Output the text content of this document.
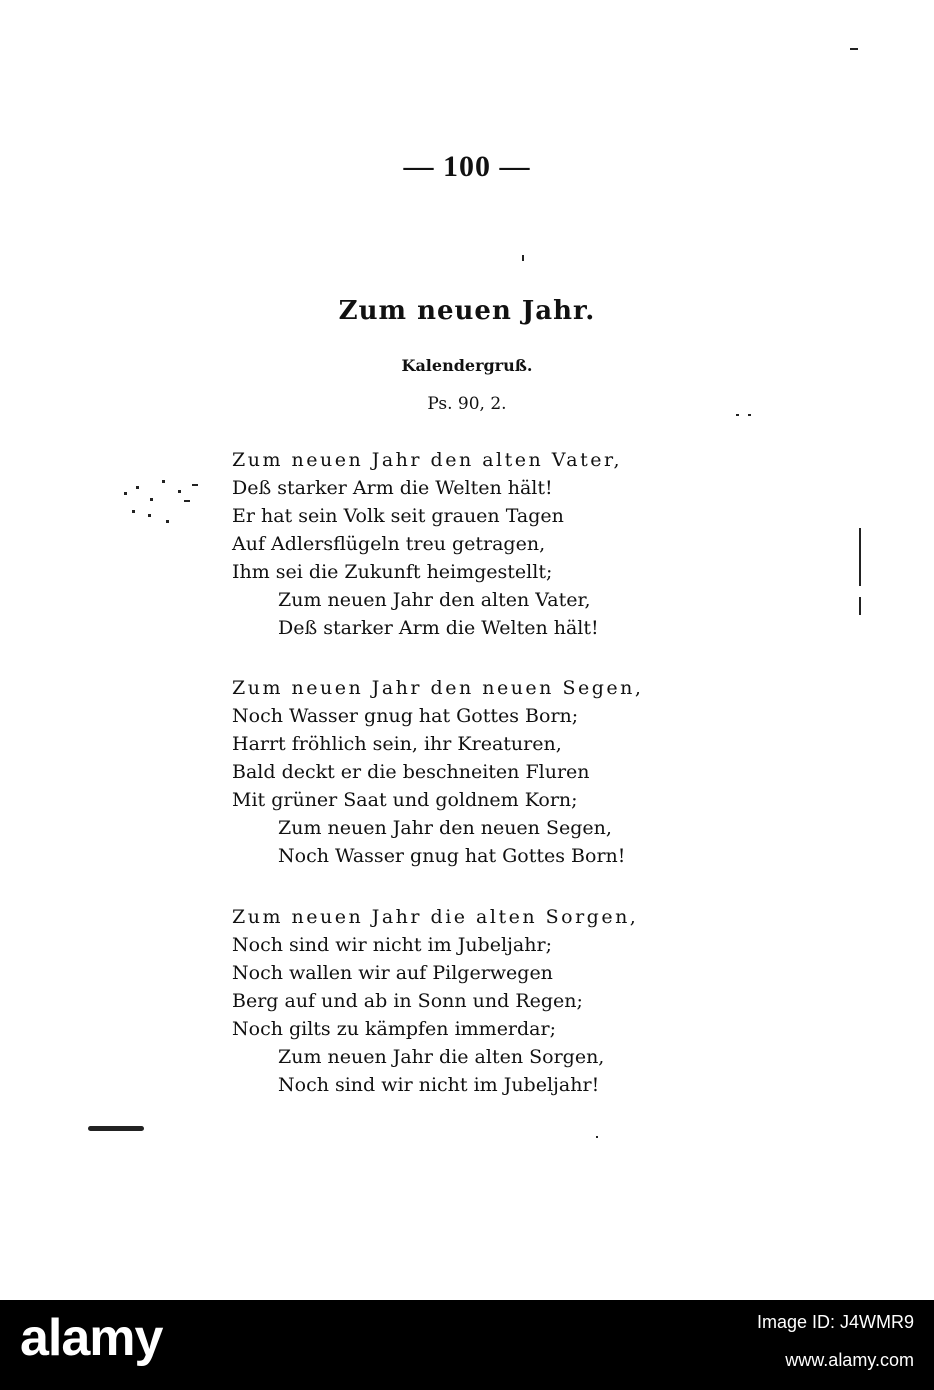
— 100 —
Zum neuen Jahr.
Kalendergruß.
Ps. 90, 2.
Zum neuen Jahr den alten Vater,
Deß starker Arm die Welten hält!
Er hat sein Volk seit grauen Tagen
Auf Adlersflügeln treu getragen,
Ihm sei die Zukunft heimgestellt;
Zum neuen Jahr den alten Vater,
Deß starker Arm die Welten hält!
Zum neuen Jahr den neuen Segen,
Noch Wasser gnug hat Gottes Born;
Harrt fröhlich sein, ihr Kreaturen,
Bald deckt er die beschneiten Fluren
Mit grüner Saat und goldnem Korn;
Zum neuen Jahr den neuen Segen,
Noch Wasser gnug hat Gottes Born!
Zum neuen Jahr die alten Sorgen,
Noch sind wir nicht im Jubeljahr;
Noch wallen wir auf Pilgerwegen
Berg auf und ab in Sonn und Regen;
Noch gilts zu kämpfen immerdar;
Zum neuen Jahr die alten Sorgen,
Noch sind wir nicht im Jubeljahr!
alamy	Image ID: J4WMR9
www.alamy.com
